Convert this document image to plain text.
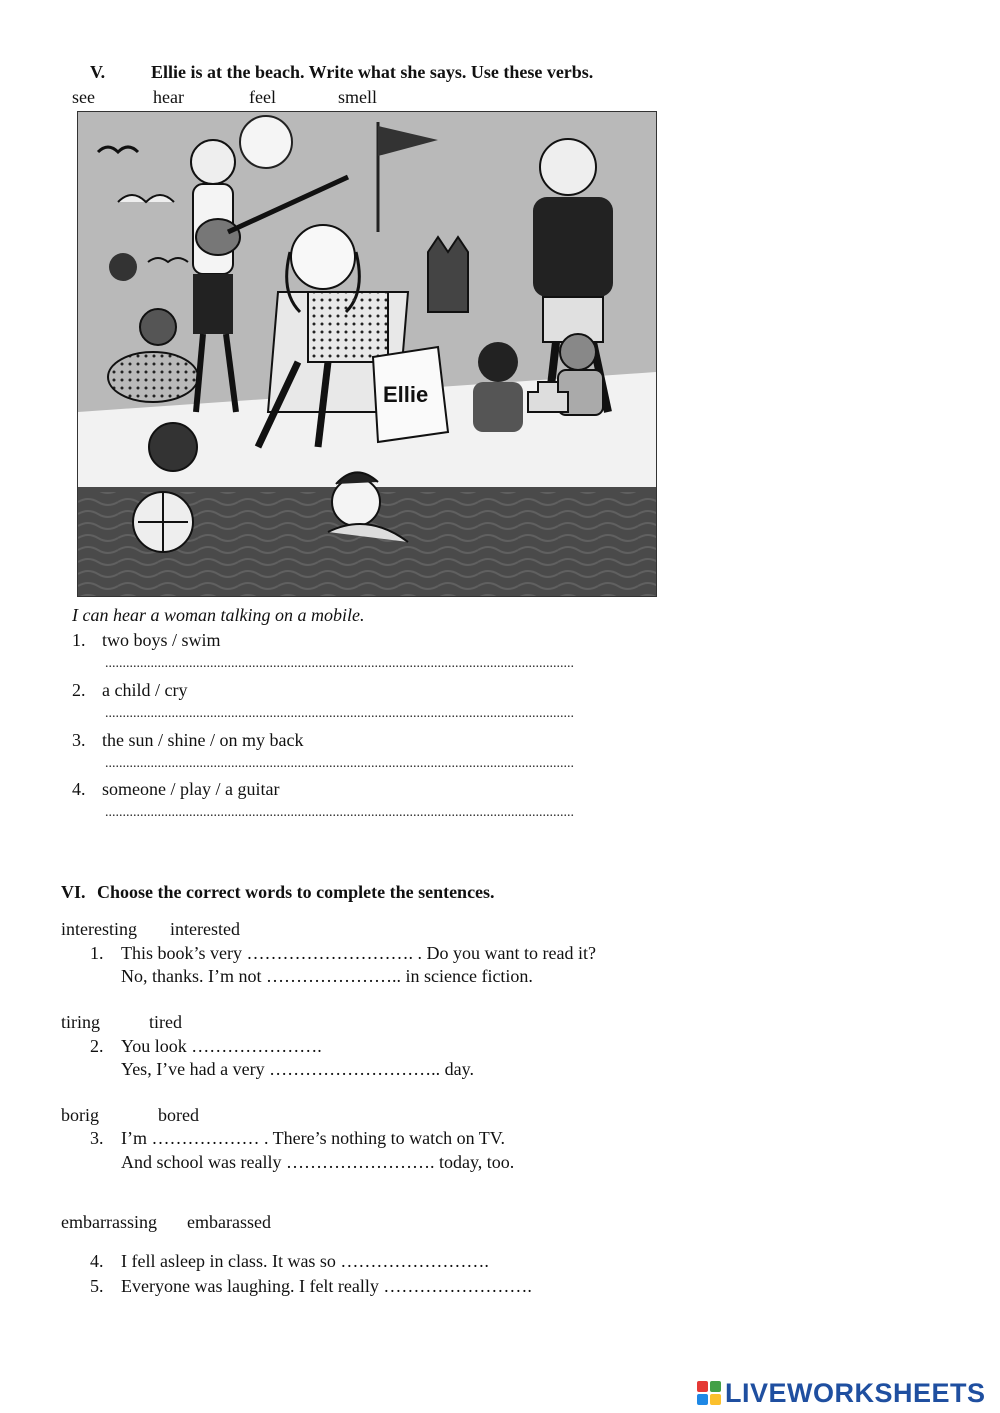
V.	Ellie is at the beach. Write what she says. Use these verbs.
see	hear	feel	smell
Ellie
I can hear a woman talking on a mobile.
1. two boys / swim
......................................................................................................................................
2. a child / cry
......................................................................................................................................
3. the sun / shine / on my back
......................................................................................................................................
4. someone / play / a guitar
......................................................................................................................................
VI. Choose the correct words to complete the sentences.
interesting interested
1. This book’s very ………………………. . Do you want to read it?
No, thanks. I’m not ………………….. in science fiction.
tiring	tired
2. You look ………………….
Yes, I’ve had a very ……………………….. day.
borig	bored
3. I’m ……………… . There’s nothing to watch on TV.
And school was really ……………………. today, too.
embarrassing embarassed
4. I fell asleep in class. It was so …………………….
5. Everyone was laughing. I felt really …………………….
LIVEWORKSHEETS
